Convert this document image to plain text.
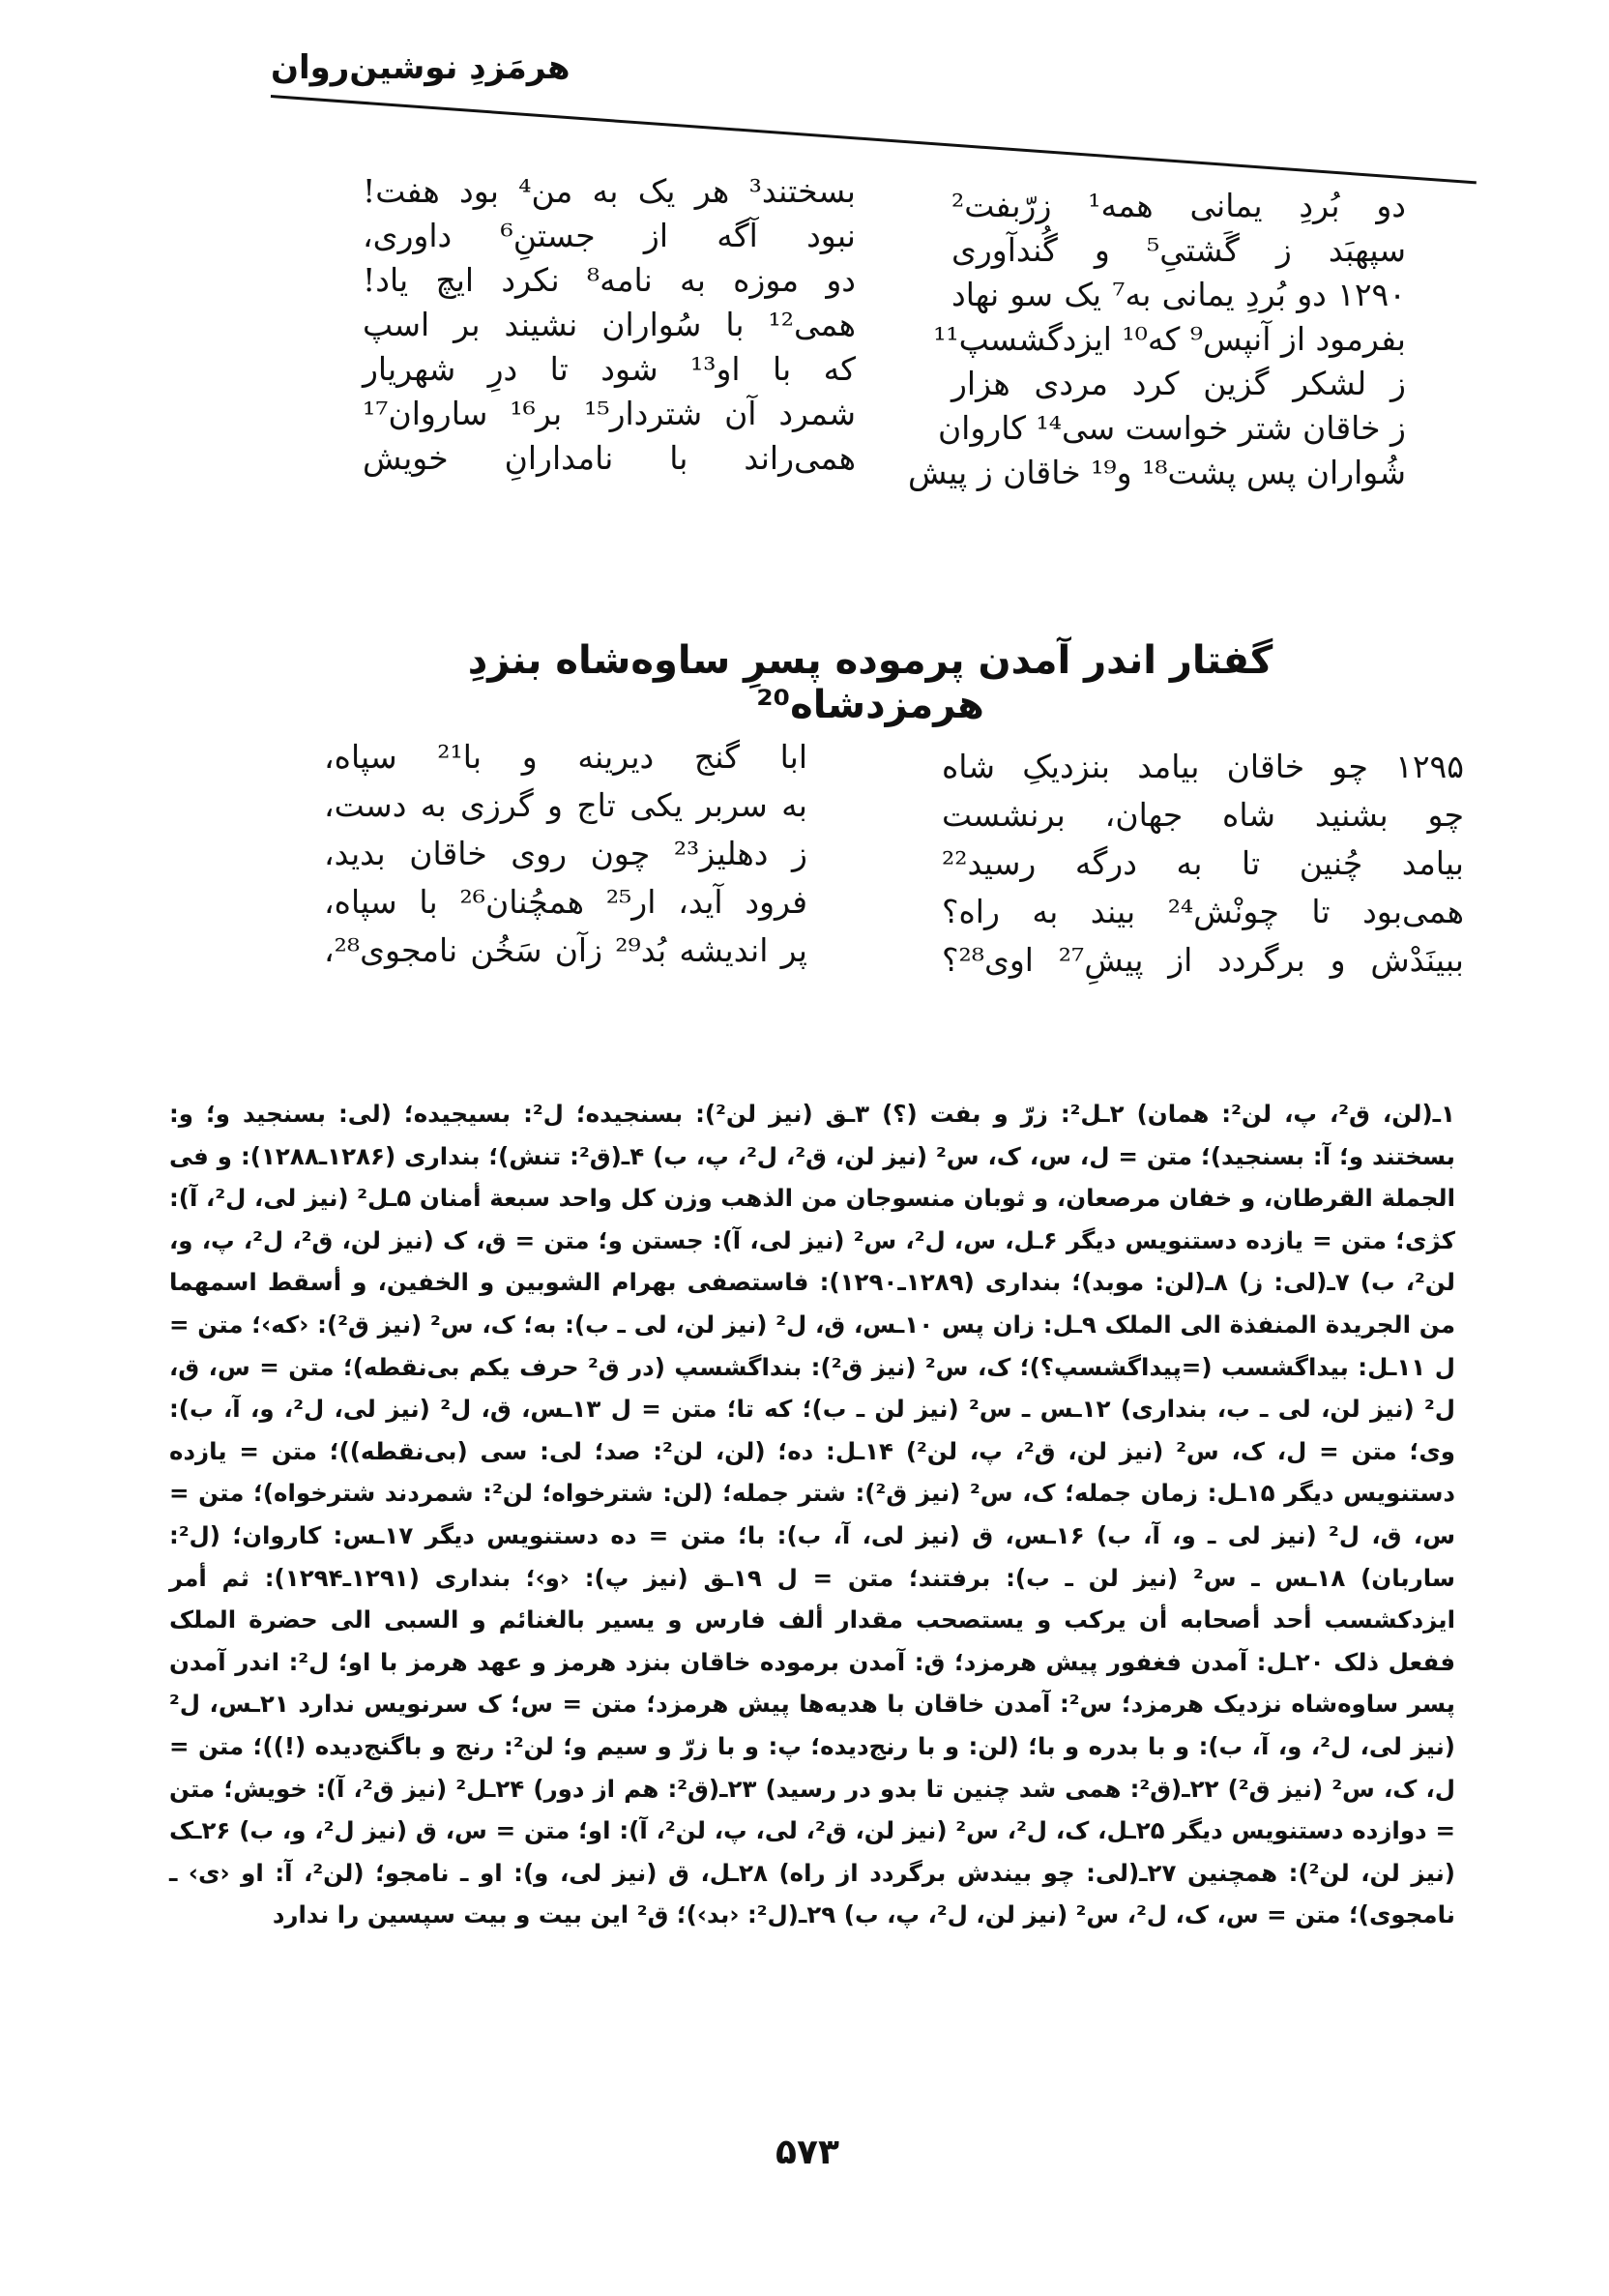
هرمَزدِ نوشین‌روان
دو بُردِ یمانی همه¹ زرّبفت²
سپهبَد ز گَشتیِ⁵ و گُندآوری
۱۲۹۰ دو بُردِ یمانی به⁷ یک سو نهاد
بفرمود از آنپس⁹ که¹⁰ ایزدگشسپ¹¹
ز لشکر گزین کرد مردی هزار
ز خاقان شتر خواست سی¹⁴ کاروان
شُواران پس پشت¹⁸ و¹⁹ خاقان ز پیش
بسختند³ هر یک به من⁴ بود هفت!
نبود آگه از جستنِ⁶ داوری،
دو موزه به نامه⁸ نکرد ایچ یاد!
همی¹² با سُواران نشیند بر اسپ
که با او¹³ شود تا درِ شهریار
شمرد آن شتردار¹⁵ بر¹⁶ ساروان¹⁷
همی‌راند با نامدارانِ خویش
گفتار اندر آمدن پرموده پسرِ ساوه‌شاه بنزدِ هرمزدشاه²⁰
۱۲۹۵ چو خاقان بیامد بنزدیکِ شاه
چو بشنید شاه جهان، برنشست
بیامد چُنین تا به درگه رسید²²
همی‌بود تا چونْش²⁴ بیند به راه؟
ببینَدْش و برگردد از پیشِ²⁷ اوی²⁸؟
ابا گنج دیرینه و با²¹ سپاه،
به سربر یکی تاج و گرزی به دست،
ز دهلیز²³ چون روی خاقان بدید،
فرود آید، ار²⁵ همچُنان²⁶ با سپاه،
پر اندیشه بُد²⁹ زآن سَخُن نامجوی²⁸،
۱ـ(لن، ق²، پ، لن²: همان) ۲ـل²: زرّ و بفت (؟) ۳ـق (نیز لن²): بسنجیده؛ ل²: بسیجیده؛ (لی: بسنجید و؛ و: بسختند و؛ آ: بسنجید)؛ متن = ل، س، ک، س² (نیز لن، ق²، ل²، پ، ب) ۴ـ(ق²: تنش)؛ بنداری (۱۲۸۶ـ۱۲۸۸): و فی الجملة القرطان، و خفان مرصعان، و ثوبان منسوجان من الذهب وزن کل واحد سبعة أمنان ۵ـل² (نیز لی، ل²، آ): کژی؛ متن = یازده دستنویس دیگر ۶ـل، س، ل²، س² (نیز لی، آ): جستن و؛ متن = ق، ک (نیز لن، ق²، ل²، پ، و، لن²، ب) ۷ـ(لی: ز) ۸ـ(لن: موبد)؛ بنداری (۱۲۸۹ـ۱۲۹۰): فاستصفی بهرام الشوبین و الخفین، و أسقط اسمهما من الجریدة المنفذة الی الملک ۹ـل: زان پس ۱۰ـس، ق، ل² (نیز لن، لی ـ ب): به؛ ک، س² (نیز ق²): ‹که›؛ متن = ل ۱۱ـل: بیداگشسب (=پیداگشسپ؟)؛ ک، س² (نیز ق²): بنداگشسپ (در ق² حرف یکم بی‌نقطه)؛ متن = س، ق، ل² (نیز لن، لی ـ ب، بنداری) ۱۲ـس ـ س² (نیز لن ـ ب)؛ که تا؛ متن = ل ۱۳ـس، ق، ل² (نیز لی، ل²، و، آ، ب): وی؛ متن = ل، ک، س² (نیز لن، ق²، پ، لن²) ۱۴ـل: ده؛ (لن، لن²: صد؛ لی: سی (بی‌نقطه))؛ متن = یازده دستنویس دیگر ۱۵ـل: زمان جمله؛ ک، س² (نیز ق²): شتر جمله؛ (لن: شترخواه؛ لن²: شمردند شترخواه)؛ متن = س، ق، ل² (نیز لی ـ و، آ، ب) ۱۶ـس، ق (نیز لی، آ، ب): با؛ متن = ده دستنویس دیگر ۱۷ـس: کاروان؛ (ل²: ساربان) ۱۸ـس ـ س² (نیز لن ـ ب): برفتند؛ متن = ل ۱۹ـق (نیز پ): ‹و›؛ بنداری (۱۲۹۱ـ۱۲۹۴): ثم أمر ایزدکشسب أحد أصحابه أن یرکب و یستصحب مقدار ألف فارس و یسیر بالغنائم و السبی الی حضرة الملک ففعل ذلک ۲۰ـل: آمدن فغفور پیش هرمزد؛ ق: آمدن برموده خاقان بنزد هرمز و عهد هرمز با او؛ ل²: اندر آمدن پسر ساوه‌شاه نزدیک هرمزد؛ س²: آمدن خاقان با هدیه‌ها پیش هرمزد؛ متن = س؛ ک سرنویس ندارد ۲۱ـس، ل² (نیز لی، ل²، و، آ، ب): و با بدره و با؛ (لن: و با رنج‌دیده؛ پ: و با زرّ و سیم و؛ لن²: رنج و باگنج‌دیده (!))؛ متن = ل، ک، س² (نیز ق²) ۲۲ـ(ق²: همی شد چنین تا بدو در رسید) ۲۳ـ(ق²: هم از دور) ۲۴ـل² (نیز ق²، آ): خویش؛ متن = دوازده دستنویس دیگر ۲۵ـل، ک، ل²، س² (نیز لن، ق²، لی، پ، لن²، آ): او؛ متن = س، ق (نیز ل²، و، ب) ۲۶ـک (نیز لن، لن²): همچنین ۲۷ـ(لی: چو بیندش برگردد از راه) ۲۸ـل، ق (نیز لی، و): او ـ نامجو؛ (لن²، آ: او ‹ی› ـ نامجوی)؛ متن = س، ک، ل²، س² (نیز لن، ل²، پ، ب) ۲۹ـ(ل²: ‹بد›)؛ ق² این بیت و بیت سپسین را ندارد
۵۷۳
